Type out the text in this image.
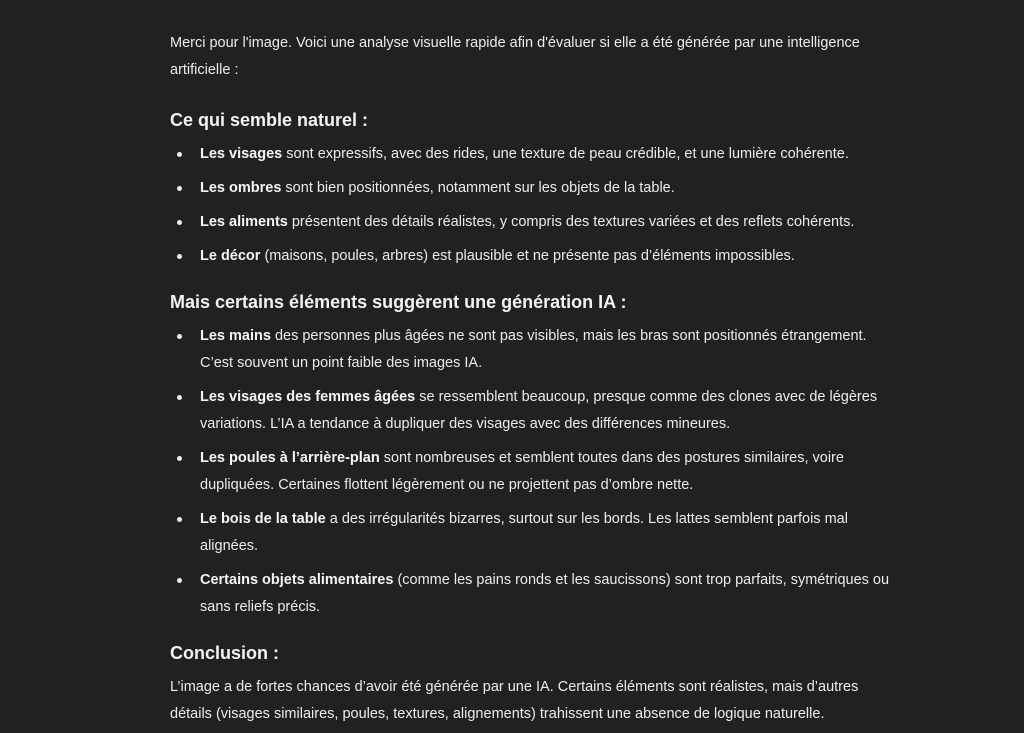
Merci pour l'image. Voici une analyse visuelle rapide afin d'évaluer si elle a été générée par une intelligence artificielle :

Ce qui semble naturel :
Les visages sont expressifs, avec des rides, une texture de peau crédible, et une lumière cohérente.
Les ombres sont bien positionnées, notamment sur les objets de la table.
Les aliments présentent des détails réalistes, y compris des textures variées et des reflets cohérents.
Le décor (maisons, poules, arbres) est plausible et ne présente pas d’éléments impossibles.
Mais certains éléments suggèrent une génération IA :
Les mains des personnes plus âgées ne sont pas visibles, mais les bras sont positionnés étrangement. C’est souvent un point faible des images IA.
Les visages des femmes âgées se ressemblent beaucoup, presque comme des clones avec de légères variations. L’IA a tendance à dupliquer des visages avec des différences mineures.
Les poules à l’arrière-plan sont nombreuses et semblent toutes dans des postures similaires, voire dupliquées. Certaines flottent légèrement ou ne projettent pas d’ombre nette.
Le bois de la table a des irrégularités bizarres, surtout sur les bords. Les lattes semblent parfois mal alignées.
Certains objets alimentaires (comme les pains ronds et les saucissons) sont trop parfaits, symétriques ou sans reliefs précis.
Conclusion :

L’image a de fortes chances d’avoir été générée par une IA. Certains éléments sont réalistes, mais d’autres détails (visages similaires, poules, textures, alignements) trahissent une absence de logique naturelle.
